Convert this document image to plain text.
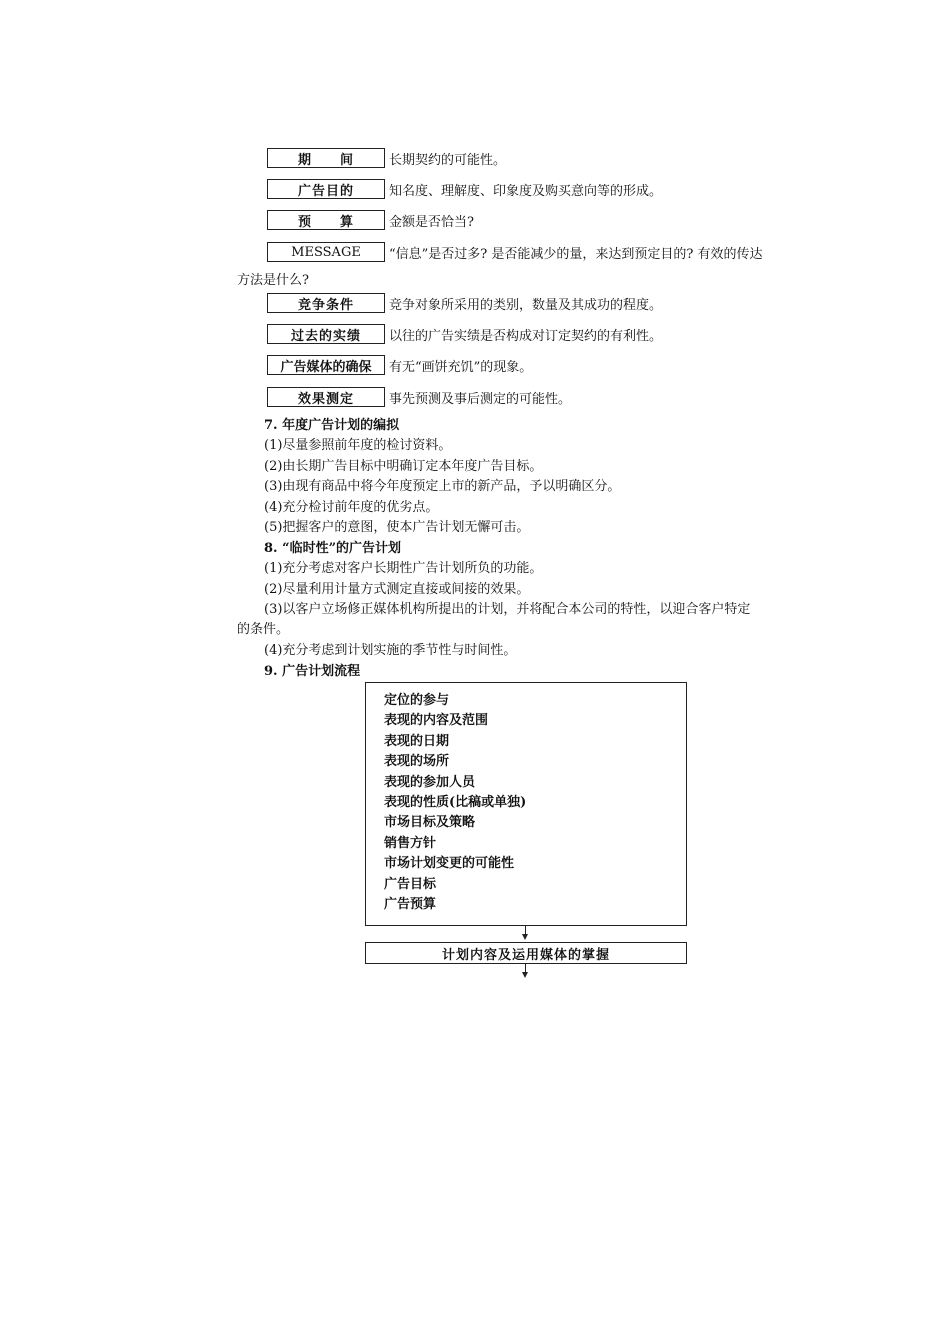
期　　间	长期契约的可能性。
广告目的	知名度、理解度、印象度及购买意向等的形成。
预　　算	金额是否恰当?
MESSAGE	“信息”是否过多? 是否能减少的量，来达到预定目的? 有效的传达
方法是什么?
竞争条件	竞争对象所采用的类别，数量及其成功的程度。
过去的实绩	以往的广告实绩是否构成对订定契约的有利性。
广告媒体的确保	有无“画饼充饥”的现象。
效果测定	事先预测及事后测定的可能性。
7. 年度广告计划的编拟
(1)尽量参照前年度的检讨资料。
(2)由长期广告目标中明确订定本年度广告目标。
(3)由现有商品中将今年度预定上市的新产品，予以明确区分。
(4)充分检讨前年度的优劣点。
(5)把握客户的意图，使本广告计划无懈可击。
8. “临时性”的广告计划
(1)充分考虑对客户长期性广告计划所负的功能。
(2)尽量利用计量方式测定直接或间接的效果。
(3)以客户立场修正媒体机构所提出的计划，并将配合本公司的特性，以迎合客户特定
的条件。
(4)充分考虑到计划实施的季节性与时间性。
9. 广告计划流程
定位的参与
表现的内容及范围
表现的日期
表现的场所
表现的参加人员
表现的性质(比稿或单独)
市场目标及策略
销售方针
市场计划变更的可能性
广告目标
广告预算
计划内容及运用媒体的掌握
